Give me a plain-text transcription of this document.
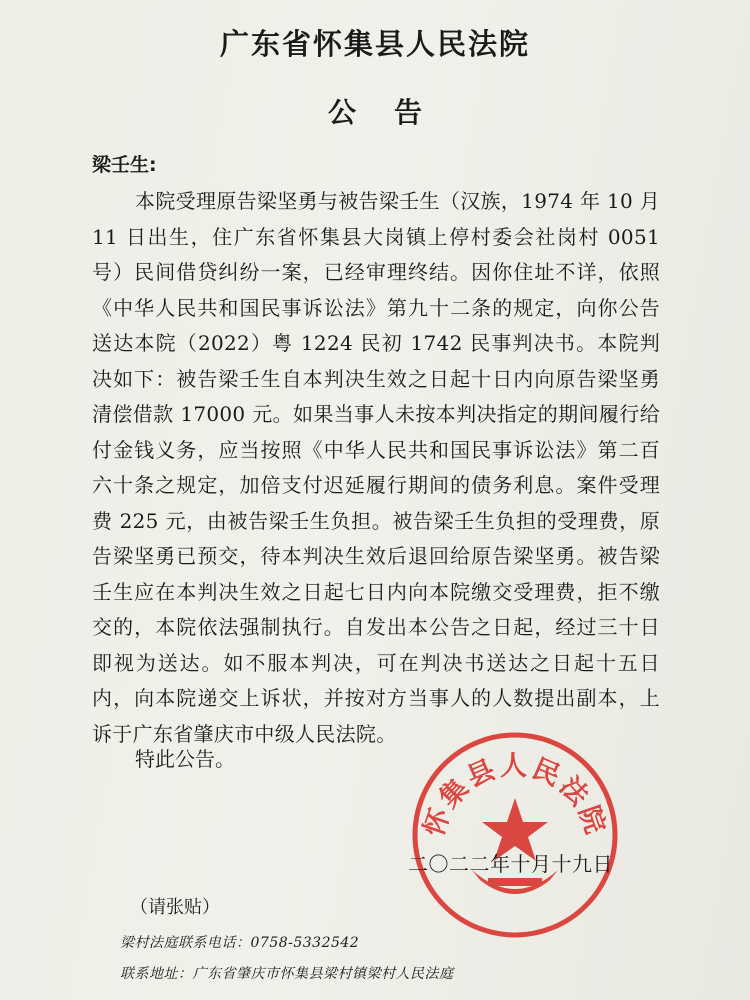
广东省怀集县人民法院
公告
梁壬生:
本院受理原告梁坚勇与被告梁壬生（汉族，1974 年 10 月 11 日出生，住广东省怀集县大岗镇上停村委会社岗村 0051 号）民间借贷纠纷一案，已经审理终结。因你住址不详，依照《中华人民共和国民事诉讼法》第九十二条的规定，向你公告送达本院（2022）粤 1224 民初 1742 民事判决书。本院判决如下：被告梁壬生自本判决生效之日起十日内向原告梁坚勇清偿借款 17000 元。如果当事人未按本判决指定的期间履行给付金钱义务，应当按照《中华人民共和国民事诉讼法》第二百六十条之规定，加倍支付迟延履行期间的债务利息。案件受理费 225 元，由被告梁壬生负担。被告梁壬生负担的受理费，原告梁坚勇已预交，待本判决生效后退回给原告梁坚勇。被告梁壬生应在本判决生效之日起七日内向本院缴交受理费，拒不缴交的，本院依法强制执行。自发出本公告之日起，经过三十日即视为送达。如不服本判决，可在判决书送达之日起十五日内，向本院递交上诉状，并按对方当事人的人数提出副本，上诉于广东省肇庆市中级人民法院。
特此公告。
怀集县人民法院
二〇二二年十月十九日
（请张贴）
梁村法庭联系电话：0758-5332542
联系地址：广东省肇庆市怀集县梁村镇梁村人民法庭
